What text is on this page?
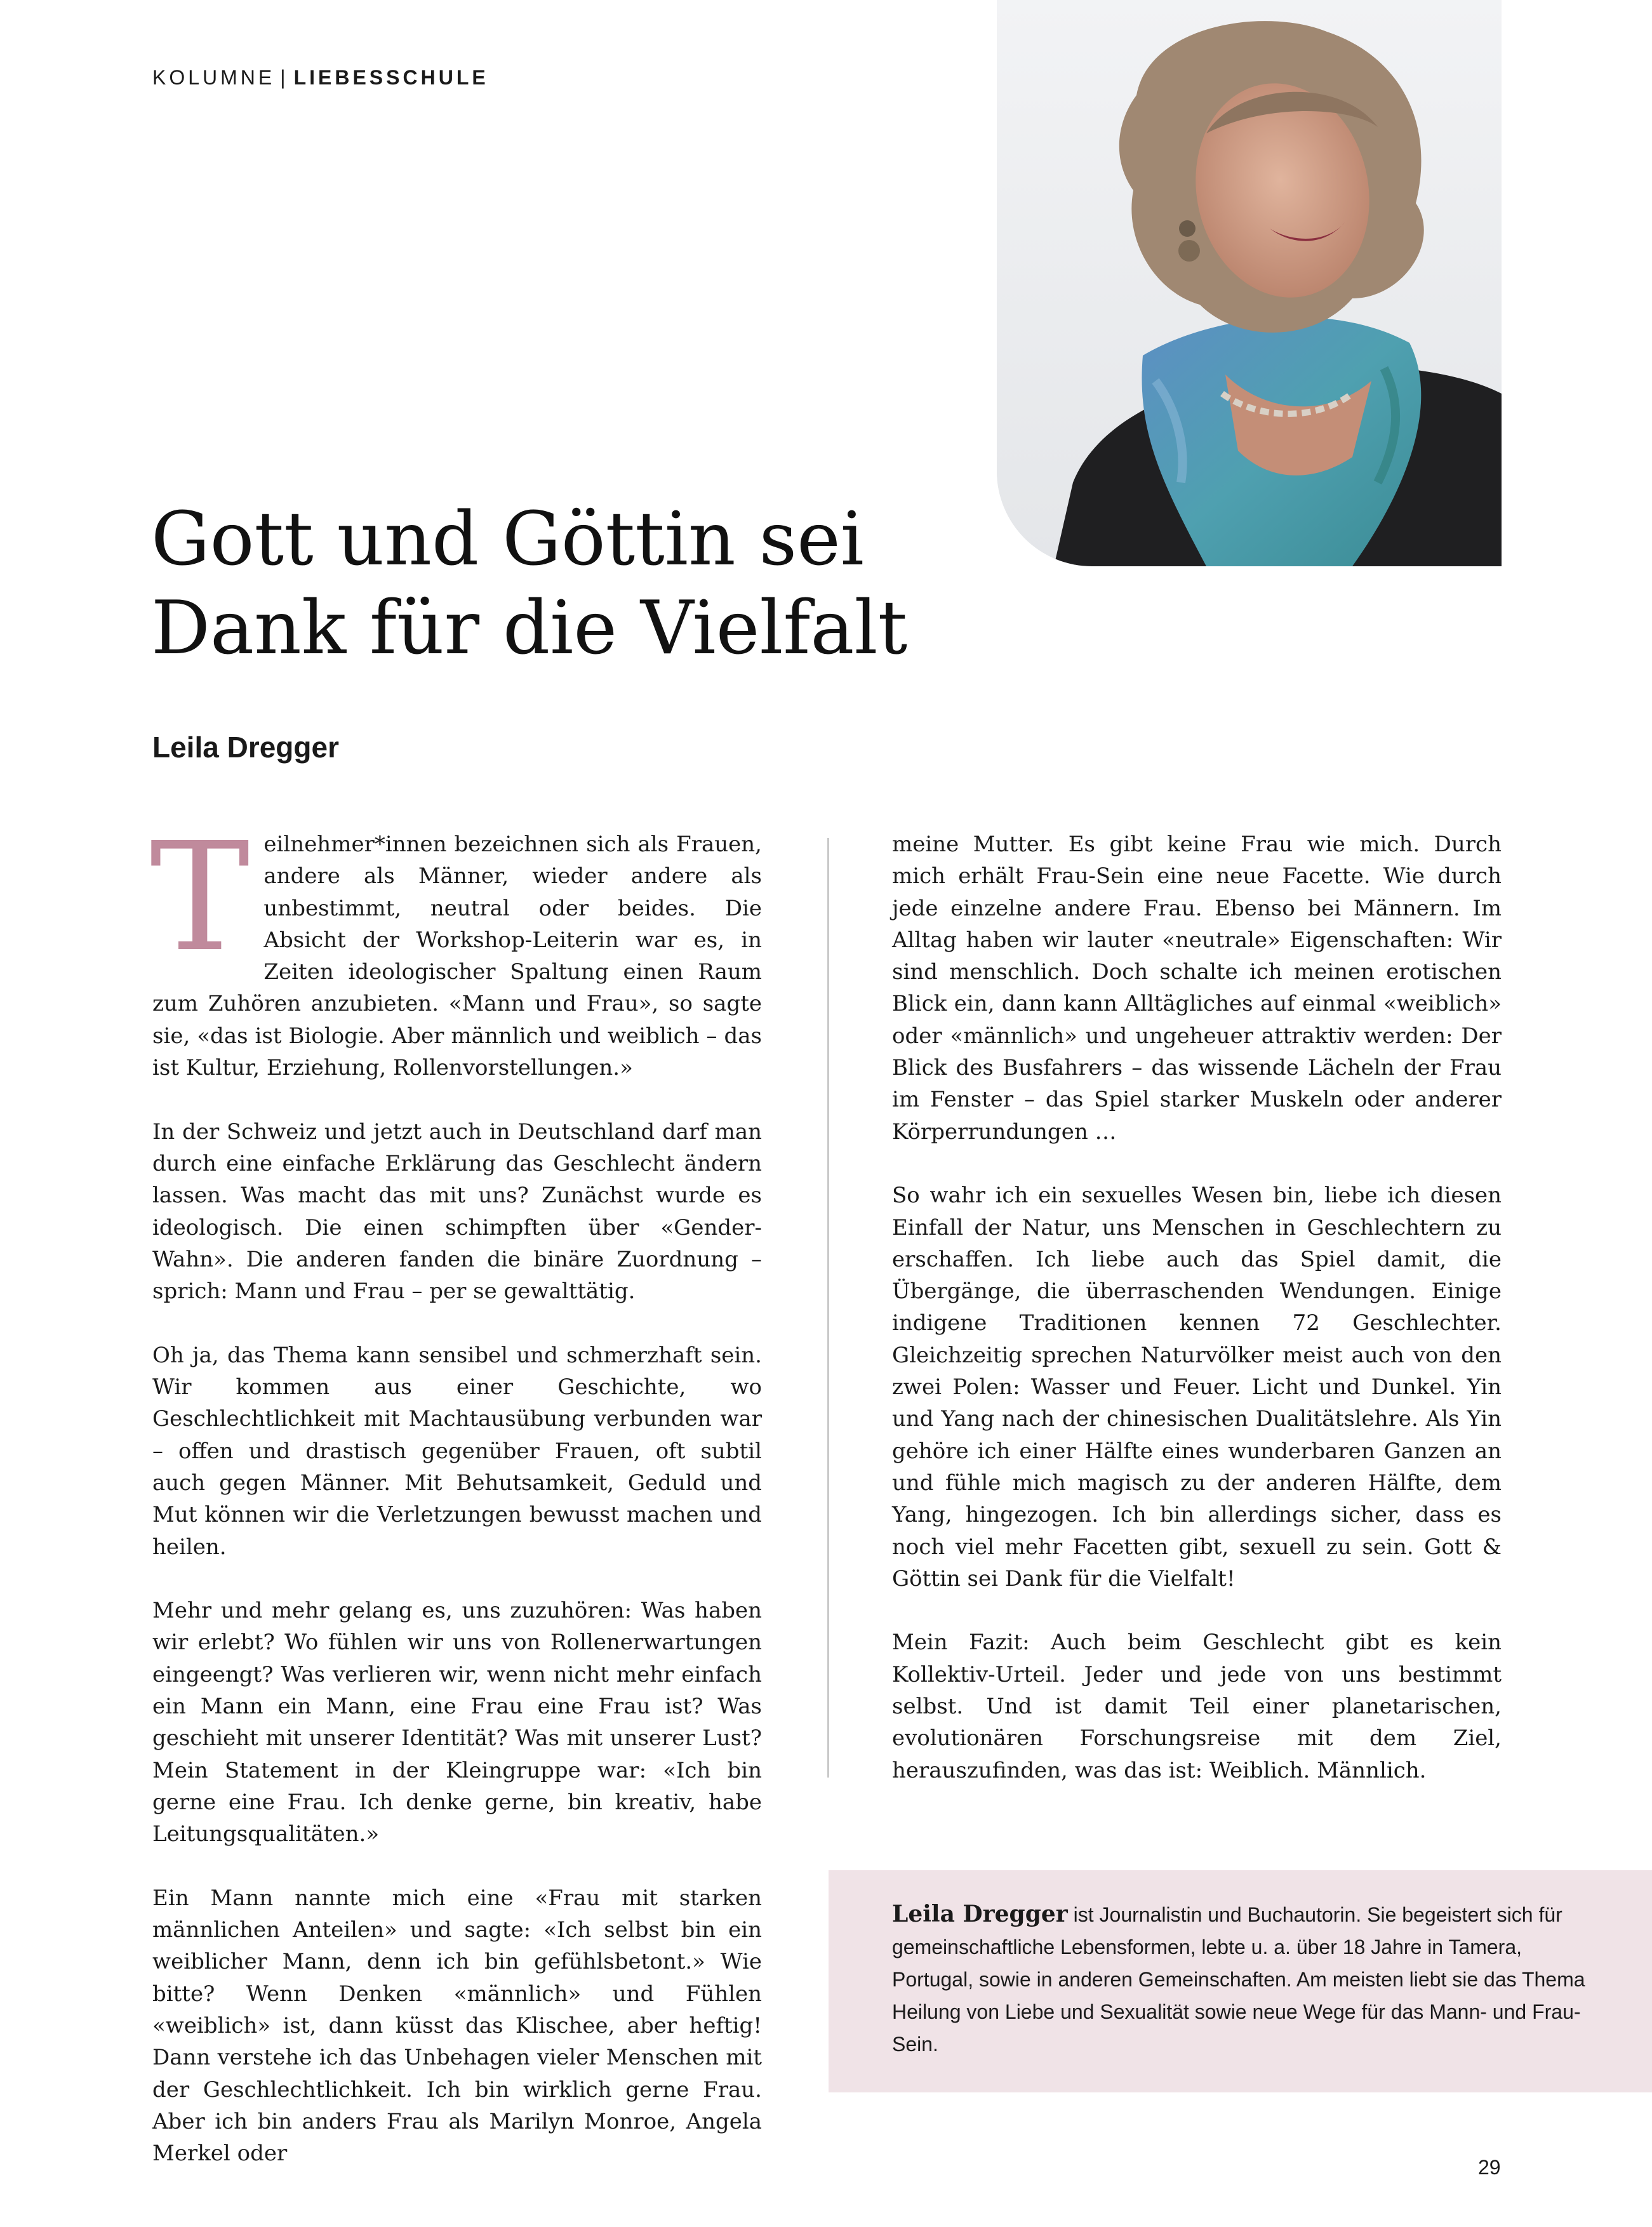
KOLUMNE | LIEBESSCHULE
Gott und Göttin sei
Dank für die Vielfalt
Leila Dregger

Teilnehmer*innen bezeichnen sich als Frauen, andere als Männer, wieder andere als unbestimmt, neutral oder beides. Die Absicht der Workshop-Leiterin war es, in Zeiten ideologischer Spaltung einen Raum zum Zuhören anzubieten. «Mann und Frau», so sagte sie, «das ist Biologie. Aber männlich und weiblich – das ist Kultur, Erziehung, Rollenvorstellungen.»

In der Schweiz und jetzt auch in Deutschland darf man durch eine einfache Erklärung das Geschlecht ändern lassen. Was macht das mit uns? Zunächst wurde es ideologisch. Die einen schimpften über «Gender-Wahn». Die anderen fanden die binäre Zuordnung – sprich: Mann und Frau – per se gewalttätig.

Oh ja, das Thema kann sensibel und schmerzhaft sein. Wir kommen aus einer Geschichte, wo Geschlechtlichkeit mit Machtausübung verbunden war – offen und drastisch gegenüber Frauen, oft subtil auch gegen Männer. Mit Behutsamkeit, Geduld und Mut können wir die Verletzungen bewusst machen und heilen.

Mehr und mehr gelang es, uns zuzuhören: Was haben wir erlebt? Wo fühlen wir uns von Rollenerwartungen eingeengt? Was verlieren wir, wenn nicht mehr einfach ein Mann ein Mann, eine Frau eine Frau ist? Was geschieht mit unserer Identität? Was mit unserer Lust? Mein Statement in der Kleingruppe war: «Ich bin gerne eine Frau. Ich denke gerne, bin kreativ, habe Leitungsqualitäten.»

Ein Mann nannte mich eine «Frau mit starken männlichen Anteilen» und sagte: «Ich selbst bin ein weiblicher Mann, denn ich bin gefühlsbetont.» Wie bitte? Wenn Denken «männlich» und Fühlen «weiblich» ist, dann küsst das Klischee, aber heftig! Dann verstehe ich das Unbehagen vieler Menschen mit der Geschlechtlichkeit. Ich bin wirklich gerne Frau. Aber ich bin anders Frau als Marilyn Monroe, Angela Merkel oder

meine Mutter. Es gibt keine Frau wie mich. Durch mich erhält Frau-Sein eine neue Facette. Wie durch jede einzelne andere Frau. Ebenso bei Männern. Im Alltag haben wir lauter «neutrale» Eigenschaften: Wir sind menschlich. Doch schalte ich meinen erotischen Blick ein, dann kann Alltägliches auf einmal «weiblich» oder «männlich» und ungeheuer attraktiv werden: Der Blick des Busfahrers – das wissende Lächeln der Frau im Fenster – das Spiel starker Muskeln oder anderer Körperrundungen …

So wahr ich ein sexuelles Wesen bin, liebe ich diesen Einfall der Natur, uns Menschen in Geschlechtern zu erschaffen. Ich liebe auch das Spiel damit, die Übergänge, die überraschenden Wendungen. Einige indigene Traditionen kennen 72 Geschlechter. Gleichzeitig sprechen Naturvölker meist auch von den zwei Polen: Wasser und Feuer. Licht und Dunkel. Yin und Yang nach der chinesischen Dualitätslehre. Als Yin gehöre ich einer Hälfte eines wunderbaren Ganzen an und fühle mich magisch zu der anderen Hälfte, dem Yang, hingezogen. Ich bin allerdings sicher, dass es noch viel mehr Facetten gibt, sexuell zu sein. Gott & Göttin sei Dank für die Vielfalt!

Mein Fazit: Auch beim Geschlecht gibt es kein Kollektiv-Urteil. Jeder und jede von uns bestimmt selbst. Und ist damit Teil einer planetarischen, evolutionären Forschungsreise mit dem Ziel, herauszufinden, was das ist: Weiblich. Männlich.

Leila Dregger ist Journalistin und Buchautorin. Sie begeistert sich für gemeinschaftliche Lebensformen, lebte u. a. über 18 Jahre in Tamera, Portugal, sowie in anderen Gemeinschaften. Am meisten liebt sie das Thema Heilung von Liebe und Sexualität sowie neue Wege für das Mann- und Frau-Sein.
29
